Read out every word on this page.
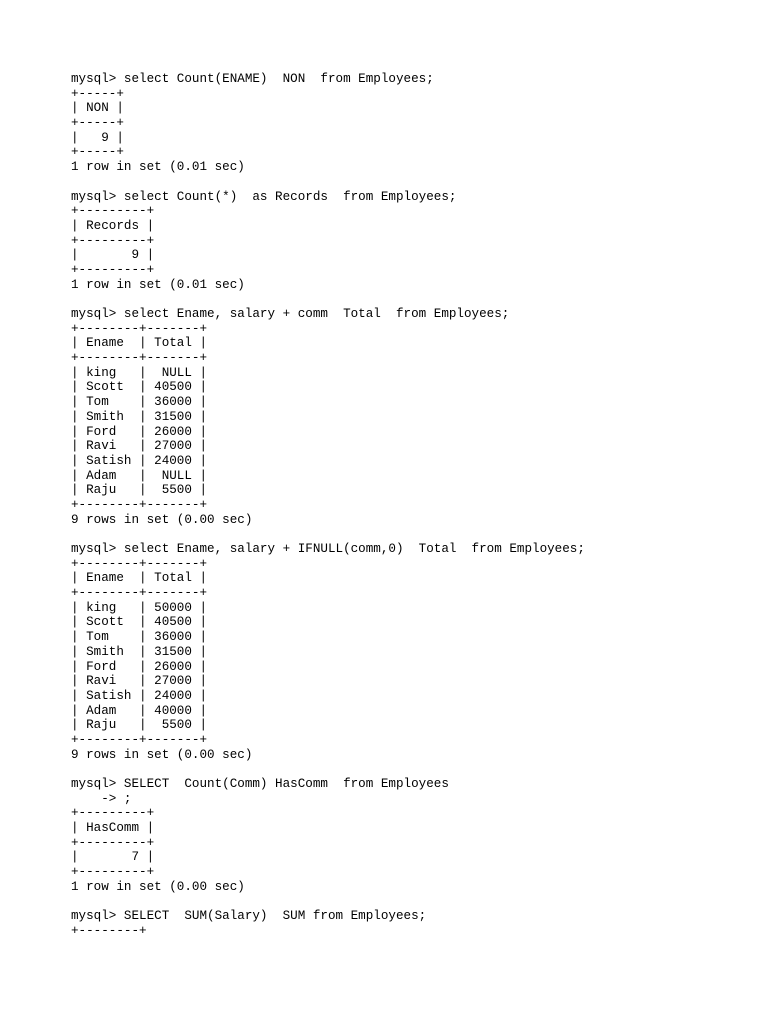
mysql> select Count(ENAME)  NON  from Employees;
+-----+
| NON |
+-----+
|   9 |
+-----+
1 row in set (0.01 sec)
mysql> select Count(*)  as Records  from Employees;
+---------+
| Records |
+---------+
|       9 |
+---------+
1 row in set (0.01 sec)
mysql> select Ename, salary + comm  Total  from Employees;
+--------+-------+
| Ename  | Total |
+--------+-------+
| king   |  NULL |
| Scott  | 40500 |
| Tom    | 36000 |
| Smith  | 31500 |
| Ford   | 26000 |
| Ravi   | 27000 |
| Satish | 24000 |
| Adam   |  NULL |
| Raju   |  5500 |
+--------+-------+
9 rows in set (0.00 sec)
mysql> select Ename, salary + IFNULL(comm,0)  Total  from Employees;
+--------+-------+
| Ename  | Total |
+--------+-------+
| king   | 50000 |
| Scott  | 40500 |
| Tom    | 36000 |
| Smith  | 31500 |
| Ford   | 26000 |
| Ravi   | 27000 |
| Satish | 24000 |
| Adam   | 40000 |
| Raju   |  5500 |
+--------+-------+
9 rows in set (0.00 sec)
mysql> SELECT  Count(Comm) HasComm  from Employees
-> ;
+---------+
| HasComm |
+---------+
|       7 |
+---------+
1 row in set (0.00 sec)
mysql> SELECT  SUM(Salary)  SUM from Employees;
+--------+
